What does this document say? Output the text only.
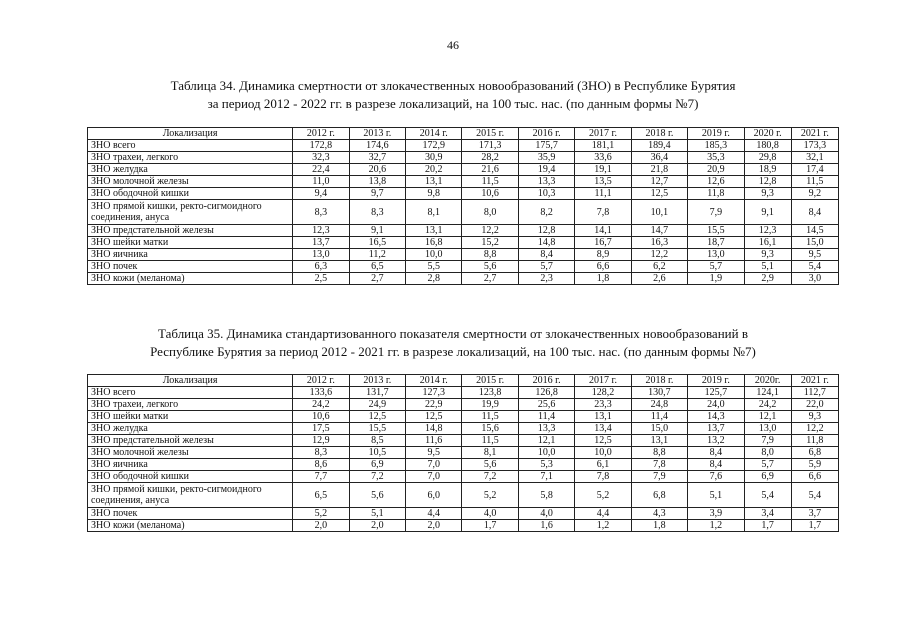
46
Таблица 34. Динамика смертности от злокачественных новообразований (ЗНО) в Республике Бурятия
за период 2012 - 2022 гг. в разрезе локализаций, на 100 тыс. нас. (по данным формы №7)
Локализация	2012 г.	2013 г.	2014 г.	2015 г.	2016 г.	2017 г.	2018 г.	2019 г.	2020 г.	2021 г.
ЗНО всего	172,8	174,6	172,9	171,3	175,7	181,1	189,4	185,3	180,8	173,3
ЗНО трахеи, легкого	32,3	32,7	30,9	28,2	35,9	33,6	36,4	35,3	29,8	32,1
ЗНО желудка	22,4	20,6	20,2	21,6	19,4	19,1	21,8	20,9	18,9	17,4
ЗНО молочной железы	11,0	13,8	13,1	11,5	13,3	13,5	12,7	12,6	12,8	11,5
ЗНО ободочной кишки	9,4	9,7	9,8	10,6	10,3	11,1	12,5	11,8	9,3	9,2
ЗНО прямой кишки, ректо-сигмоидного соединения, ануса	8,3	8,3	8,1	8,0	8,2	7,8	10,1	7,9	9,1	8,4
ЗНО предстательной железы	12,3	9,1	13,1	12,2	12,8	14,1	14,7	15,5	12,3	14,5
ЗНО шейки матки	13,7	16,5	16,8	15,2	14,8	16,7	16,3	18,7	16,1	15,0
ЗНО яичника	13,0	11,2	10,0	8,8	8,4	8,9	12,2	13,0	9,3	9,5
ЗНО почек	6,3	6,5	5,5	5,6	5,7	6,6	6,2	5,7	5,1	5,4
ЗНО кожи (меланома)	2,5	2,7	2,8	2,7	2,3	1,8	2,6	1,9	2,9	3,0
Таблица 35. Динамика стандартизованного показателя смертности от злокачественных новообразований в
Республике Бурятия за период 2012 - 2021 гг. в разрезе локализаций, на 100 тыс. нас. (по данным формы №7)
Локализация	2012 г.	2013 г.	2014 г.	2015 г.	2016 г.	2017 г.	2018 г.	2019 г.	2020г.	2021 г.
ЗНО всего	133,6	131,7	127,3	123,8	126,8	128,2	130,7	125,7	124,1	112,7
ЗНО трахеи, легкого	24,2	24,9	22,9	19,9	25,6	23,3	24,8	24,0	24,2	22,0
ЗНО шейки матки	10,6	12,5	12,5	11,5	11,4	13,1	11,4	14,3	12,1	9,3
ЗНО желудка	17,5	15,5	14,8	15,6	13,3	13,4	15,0	13,7	13,0	12,2
ЗНО предстательной железы	12,9	8,5	11,6	11,5	12,1	12,5	13,1	13,2	7,9	11,8
ЗНО молочной железы	8,3	10,5	9,5	8,1	10,0	10,0	8,8	8,4	8,0	6,8
ЗНО яичника	8,6	6,9	7,0	5,6	5,3	6,1	7,8	8,4	5,7	5,9
ЗНО ободочной кишки	7,7	7,2	7,0	7,2	7,1	7,8	7,9	7,6	6,9	6,6
ЗНО прямой кишки, ректо-сигмоидного соединения, ануса	6,5	5,6	6,0	5,2	5,8	5,2	6,8	5,1	5,4	5,4
ЗНО почек	5,2	5,1	4,4	4,0	4,0	4,4	4,3	3,9	3,4	3,7
ЗНО кожи (меланома)	2,0	2,0	2,0	1,7	1,6	1,2	1,8	1,2	1,7	1,7
